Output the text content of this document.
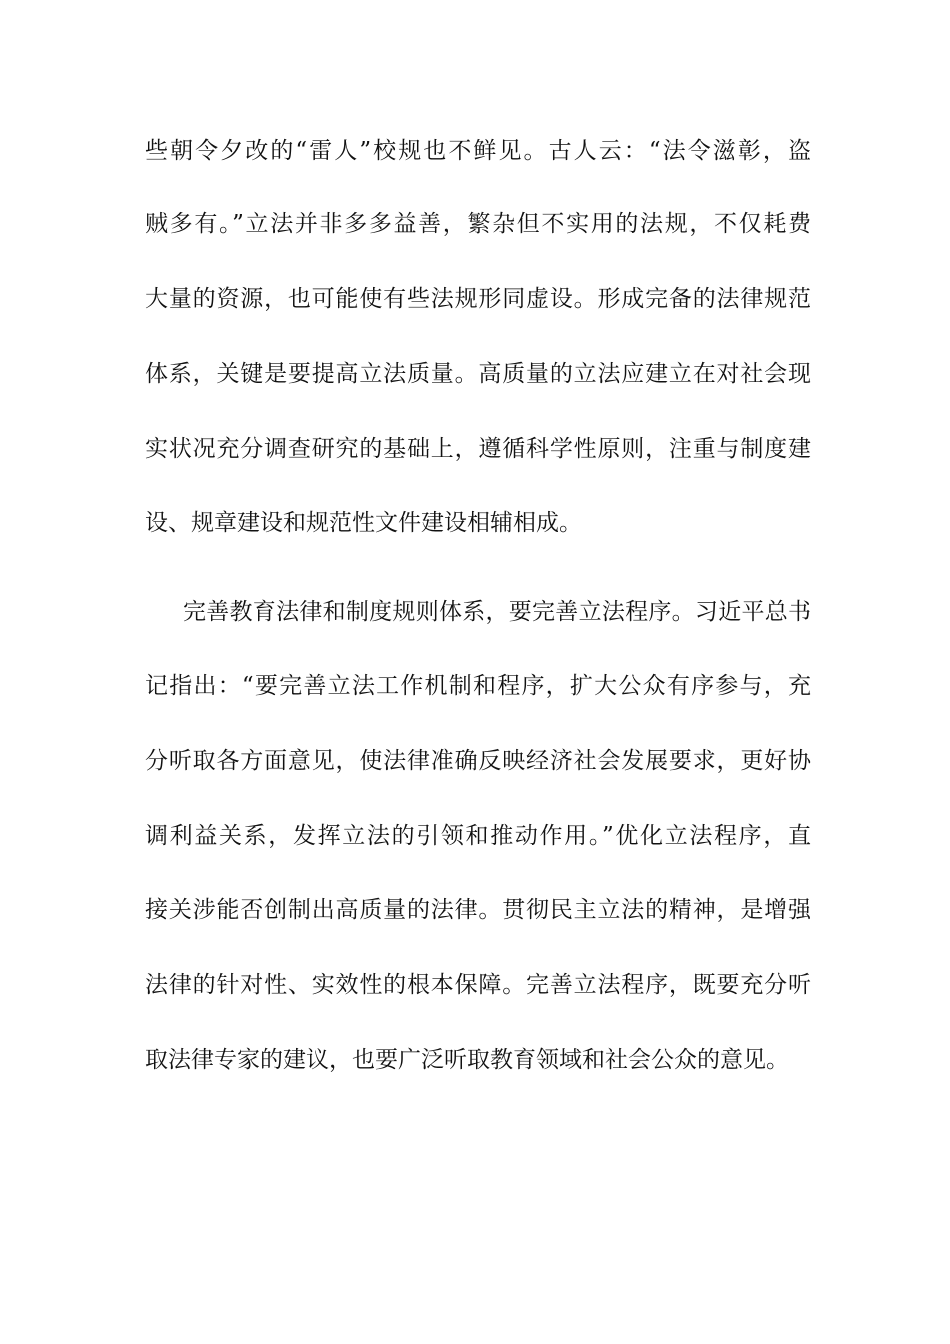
些朝令夕改的“雷人”校规也不鲜见。古人云：“法令滋彰，盗
贼多有。”立法并非多多益善，繁杂但不实用的法规，不仅耗费
大量的资源，也可能使有些法规形同虚设。形成完备的法律规范
体系，关键是要提高立法质量。高质量的立法应建立在对社会现
实状况充分调查研究的基础上，遵循科学性原则，注重与制度建
设、规章建设和规范性文件建设相辅相成。
完善教育法律和制度规则体系，要完善立法程序。习近平总书
记指出：“要完善立法工作机制和程序，扩大公众有序参与，充
分听取各方面意见，使法律准确反映经济社会发展要求，更好协
调利益关系，发挥立法的引领和推动作用。”优化立法程序，直
接关涉能否创制出高质量的法律。贯彻民主立法的精神，是增强
法律的针对性、实效性的根本保障。完善立法程序，既要充分听
取法律专家的建议，也要广泛听取教育领域和社会公众的意见。
